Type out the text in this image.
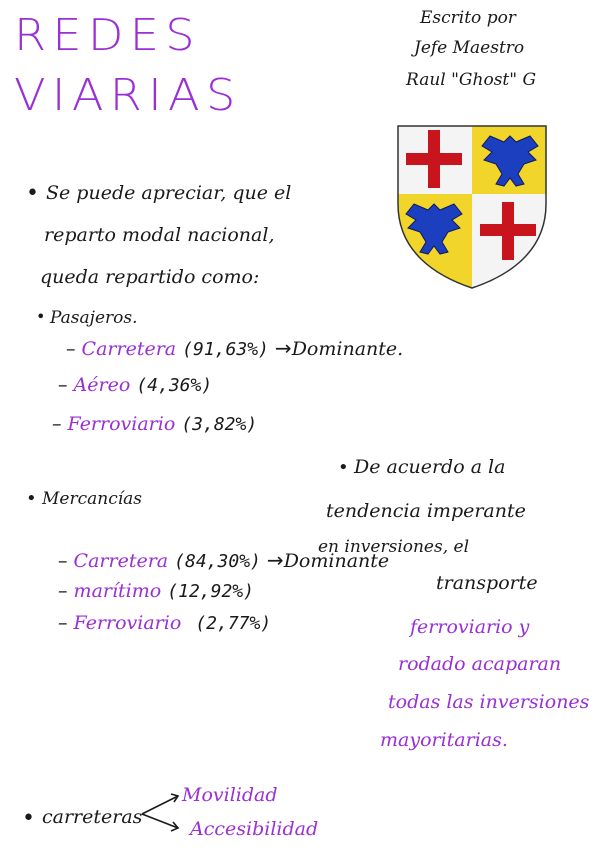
REDES
VIARIAS
Escrito por
Jefe Maestro
Raul "Ghost" G
• Se puede apreciar, que el
reparto modal nacional,
queda repartido como:
• Pasajeros.
– Carretera (91,63%) →Dominante.
– Aéreo (4,36%)
– Ferroviario (3,82%)
• De acuerdo a la
tendencia imperante
en inversiones, el
transporte
ferroviario y
rodado acaparan
todas las inversiones
mayoritarias.
• Mercancías
– Carretera (84,30%) →Dominante
– marítimo (12,92%)
– Ferroviario (2,77%)
• carreteras
Movilidad
Accesibilidad
